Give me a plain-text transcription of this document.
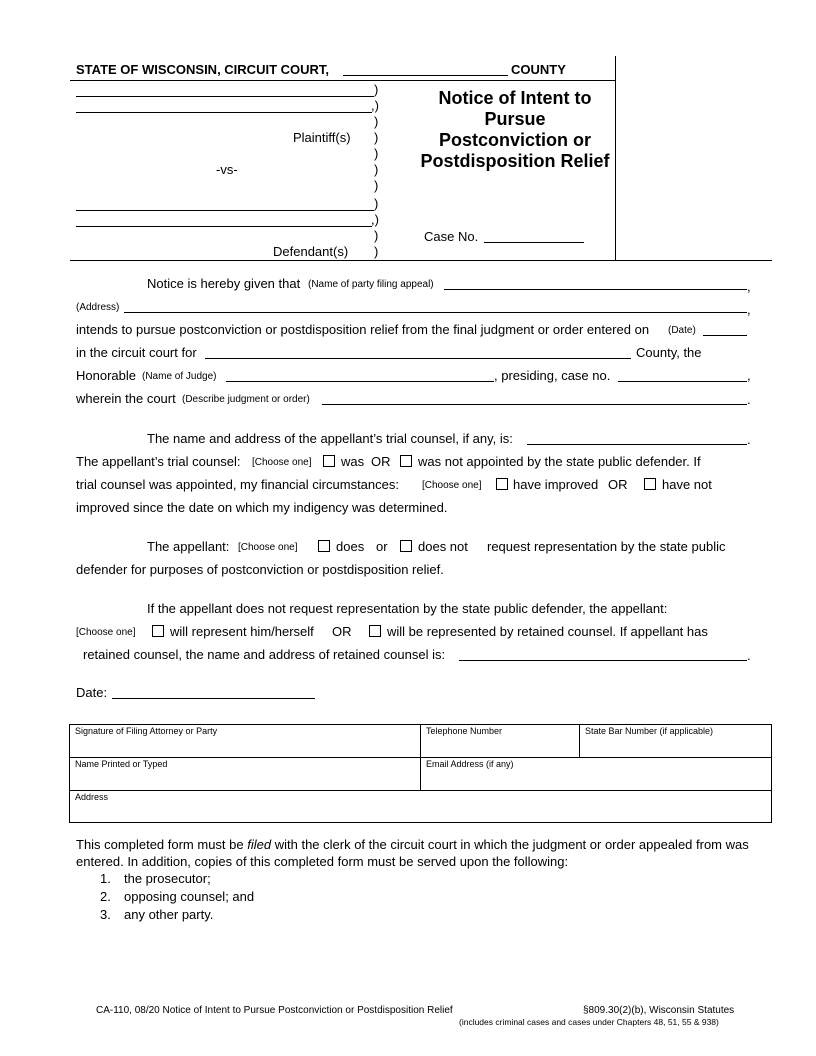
STATE OF WISCONSIN, CIRCUIT COURT,	COUNTY
Plaintiff(s)
-vs-
Defendant(s)
)
,)
)
)
)
)
)
)
,)
)
)
Notice of Intent to Pursue Postconviction or Postdisposition Relief
Case No.
Notice is hereby given that (Name of party filing appeal)	,
(Address)	,
intends to pursue postconviction or postdisposition relief from the final judgment or order entered on (Date)
in the circuit court for	County, the
Honorable (Name of Judge)	, presiding, case no.	,
wherein the court (Describe judgment or order)	.
The name and address of the appellant’s trial counsel, if any, is:	.
The appellant’s trial counsel: [Choose one] was OR was not appointed by the state public defender. If
trial counsel was appointed, my financial circumstances: [Choose one] have improved OR	have not
improved since the date on which my indigency was determined.
The appellant: [Choose one]	does or does not request representation by the state public
defender for purposes of postconviction or postdisposition relief.
If the appellant does not request representation by the state public defender, the appellant:
[Choose one]	will represent him/herself OR	will be represented by retained counsel. If appellant has
retained counsel, the name and address of retained counsel is:	.
Date:
Signature of Filing Attorney or Party	Telephone Number	State Bar Number (if applicable)
Name Printed or Typed	Email Address (if any)
Address
This completed form must be filed with the clerk of the circuit court in which the judgment or order appealed from was
entered. In addition, copies of this completed form must be served upon the following:
1. the prosecutor;
2. opposing counsel; and
3. any other party.
CA-110, 08/20 Notice of Intent to Pursue Postconviction or Postdisposition Relief	§809.30(2)(b), Wisconsin Statutes
(includes criminal cases and cases under Chapters 48, 51, 55 & 938)
